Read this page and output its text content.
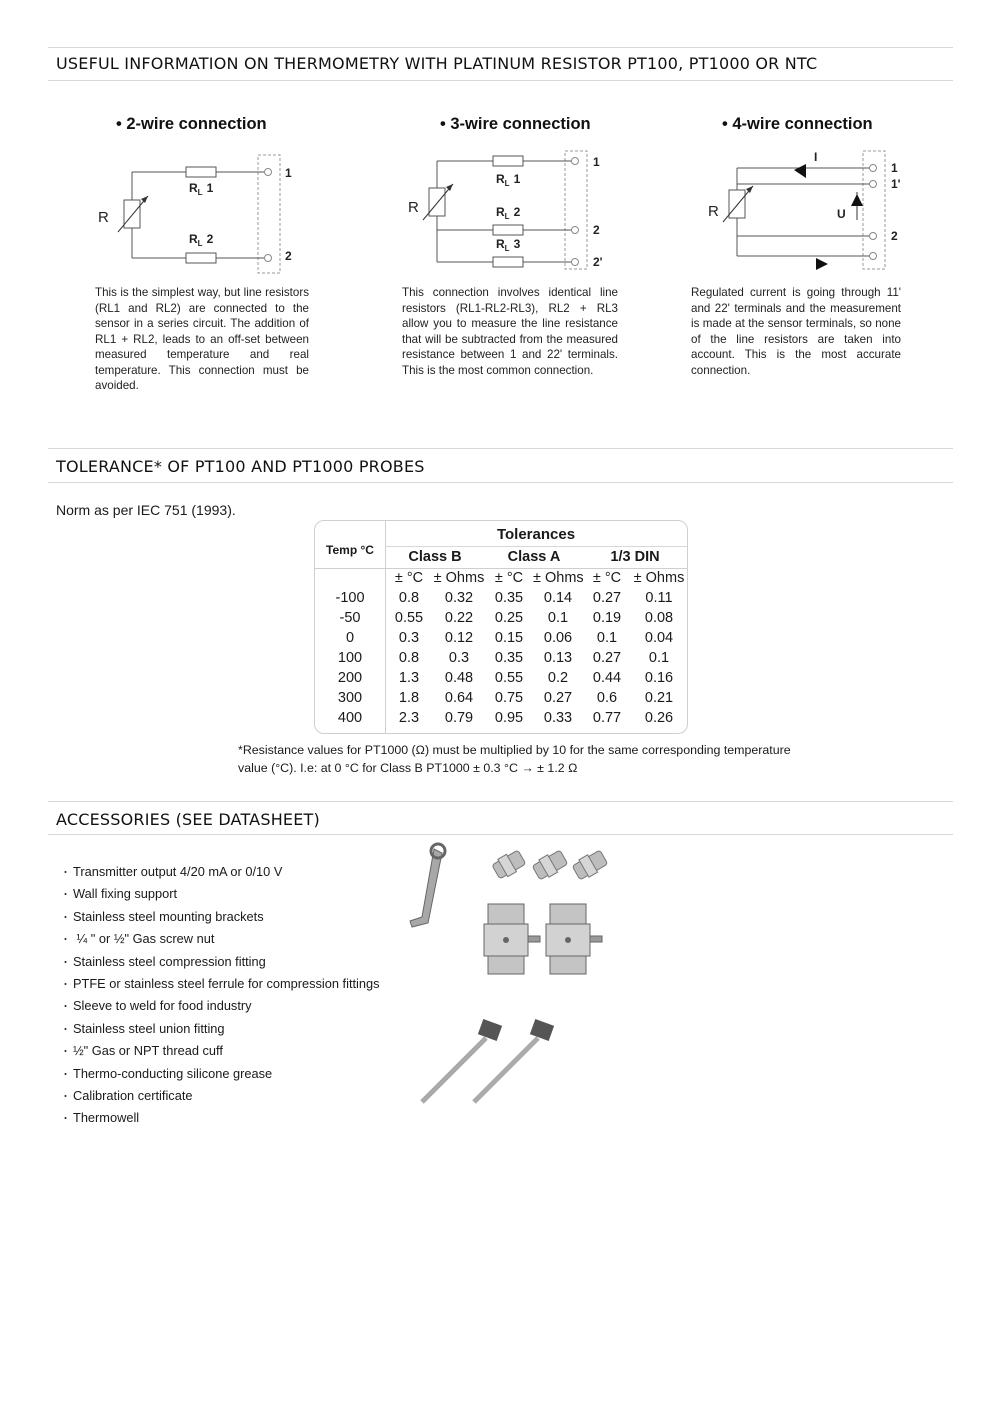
USEFUL INFORMATION ON THERMOMETRY WITH PLATINUM RESISTOR PT100, PT1000 OR NTC
• 2-wire connection
R
$R_L$ 1
$R_L$ 2
1
2
This is the simplest way, but line resistors (RL1 and RL2) are connected to the sensor in a series circuit. The addition of RL1 + RL2, leads to an off-set between measured temperature and real temperature. This connection must be avoided.
• 3-wire connection
R
$R_L$ 1
$R_L$ 2
$R_L$ 3
1
2
2'
This connection involves identical line resistors (RL1-RL2-RL3), RL2 + RL3 allow you to measure the line resistance that will be subtracted from the measured resistance between 1 and 22' terminals. This is the most common connection.
• 4-wire connection
R
I
U
1
1'
2
Regulated current is going through 11' and 22' terminals and the measurement is made at the sensor terminals, so none of the line resistors are taken into account. This is the most accurate connection.
TOLERANCE* OF PT100 AND PT1000 PROBES
Norm as per IEC 751 (1993).
Temp °C
Tolerances
Class B	Class A	1/3 DIN
± °C ± Ohms ± °C ± Ohms ± °C ± Ohms
-100	0.8	0.32	0.35	0.14	0.27	0.11
-50	0.55	0.22	0.25	0.1	0.19	0.08
0	0.3	0.12	0.15	0.06	0.1	0.04
100	0.8	0.3	0.35	0.13	0.27	0.1
200	1.3	0.48	0.55	0.2	0.44	0.16
300	1.8	0.64	0.75	0.27	0.6	0.21
400	2.3	0.79	0.95	0.33	0.77	0.26
*Resistance values for PT1000 (Ω) must be multiplied by 10 for the same corresponding temperature
value (°C). I.e: at 0 °C for Class B PT1000 ± 0.3 °C → ± 1.2 Ω
ACCESSORIES (SEE DATASHEET)
・ Transmitter output 4/20 mA or 0/10 V
・ Wall fixing support
・ Stainless steel mounting brackets
・ ¼ " or ½" Gas screw nut
・ Stainless steel compression fitting
・ PTFE or stainless steel ferrule for compression fittings
・ Sleeve to weld for food industry
・ Stainless steel union fitting
・ ½" Gas or NPT thread cuff
・ Thermo-conducting silicone grease
・ Calibration certificate
・ Thermowell
